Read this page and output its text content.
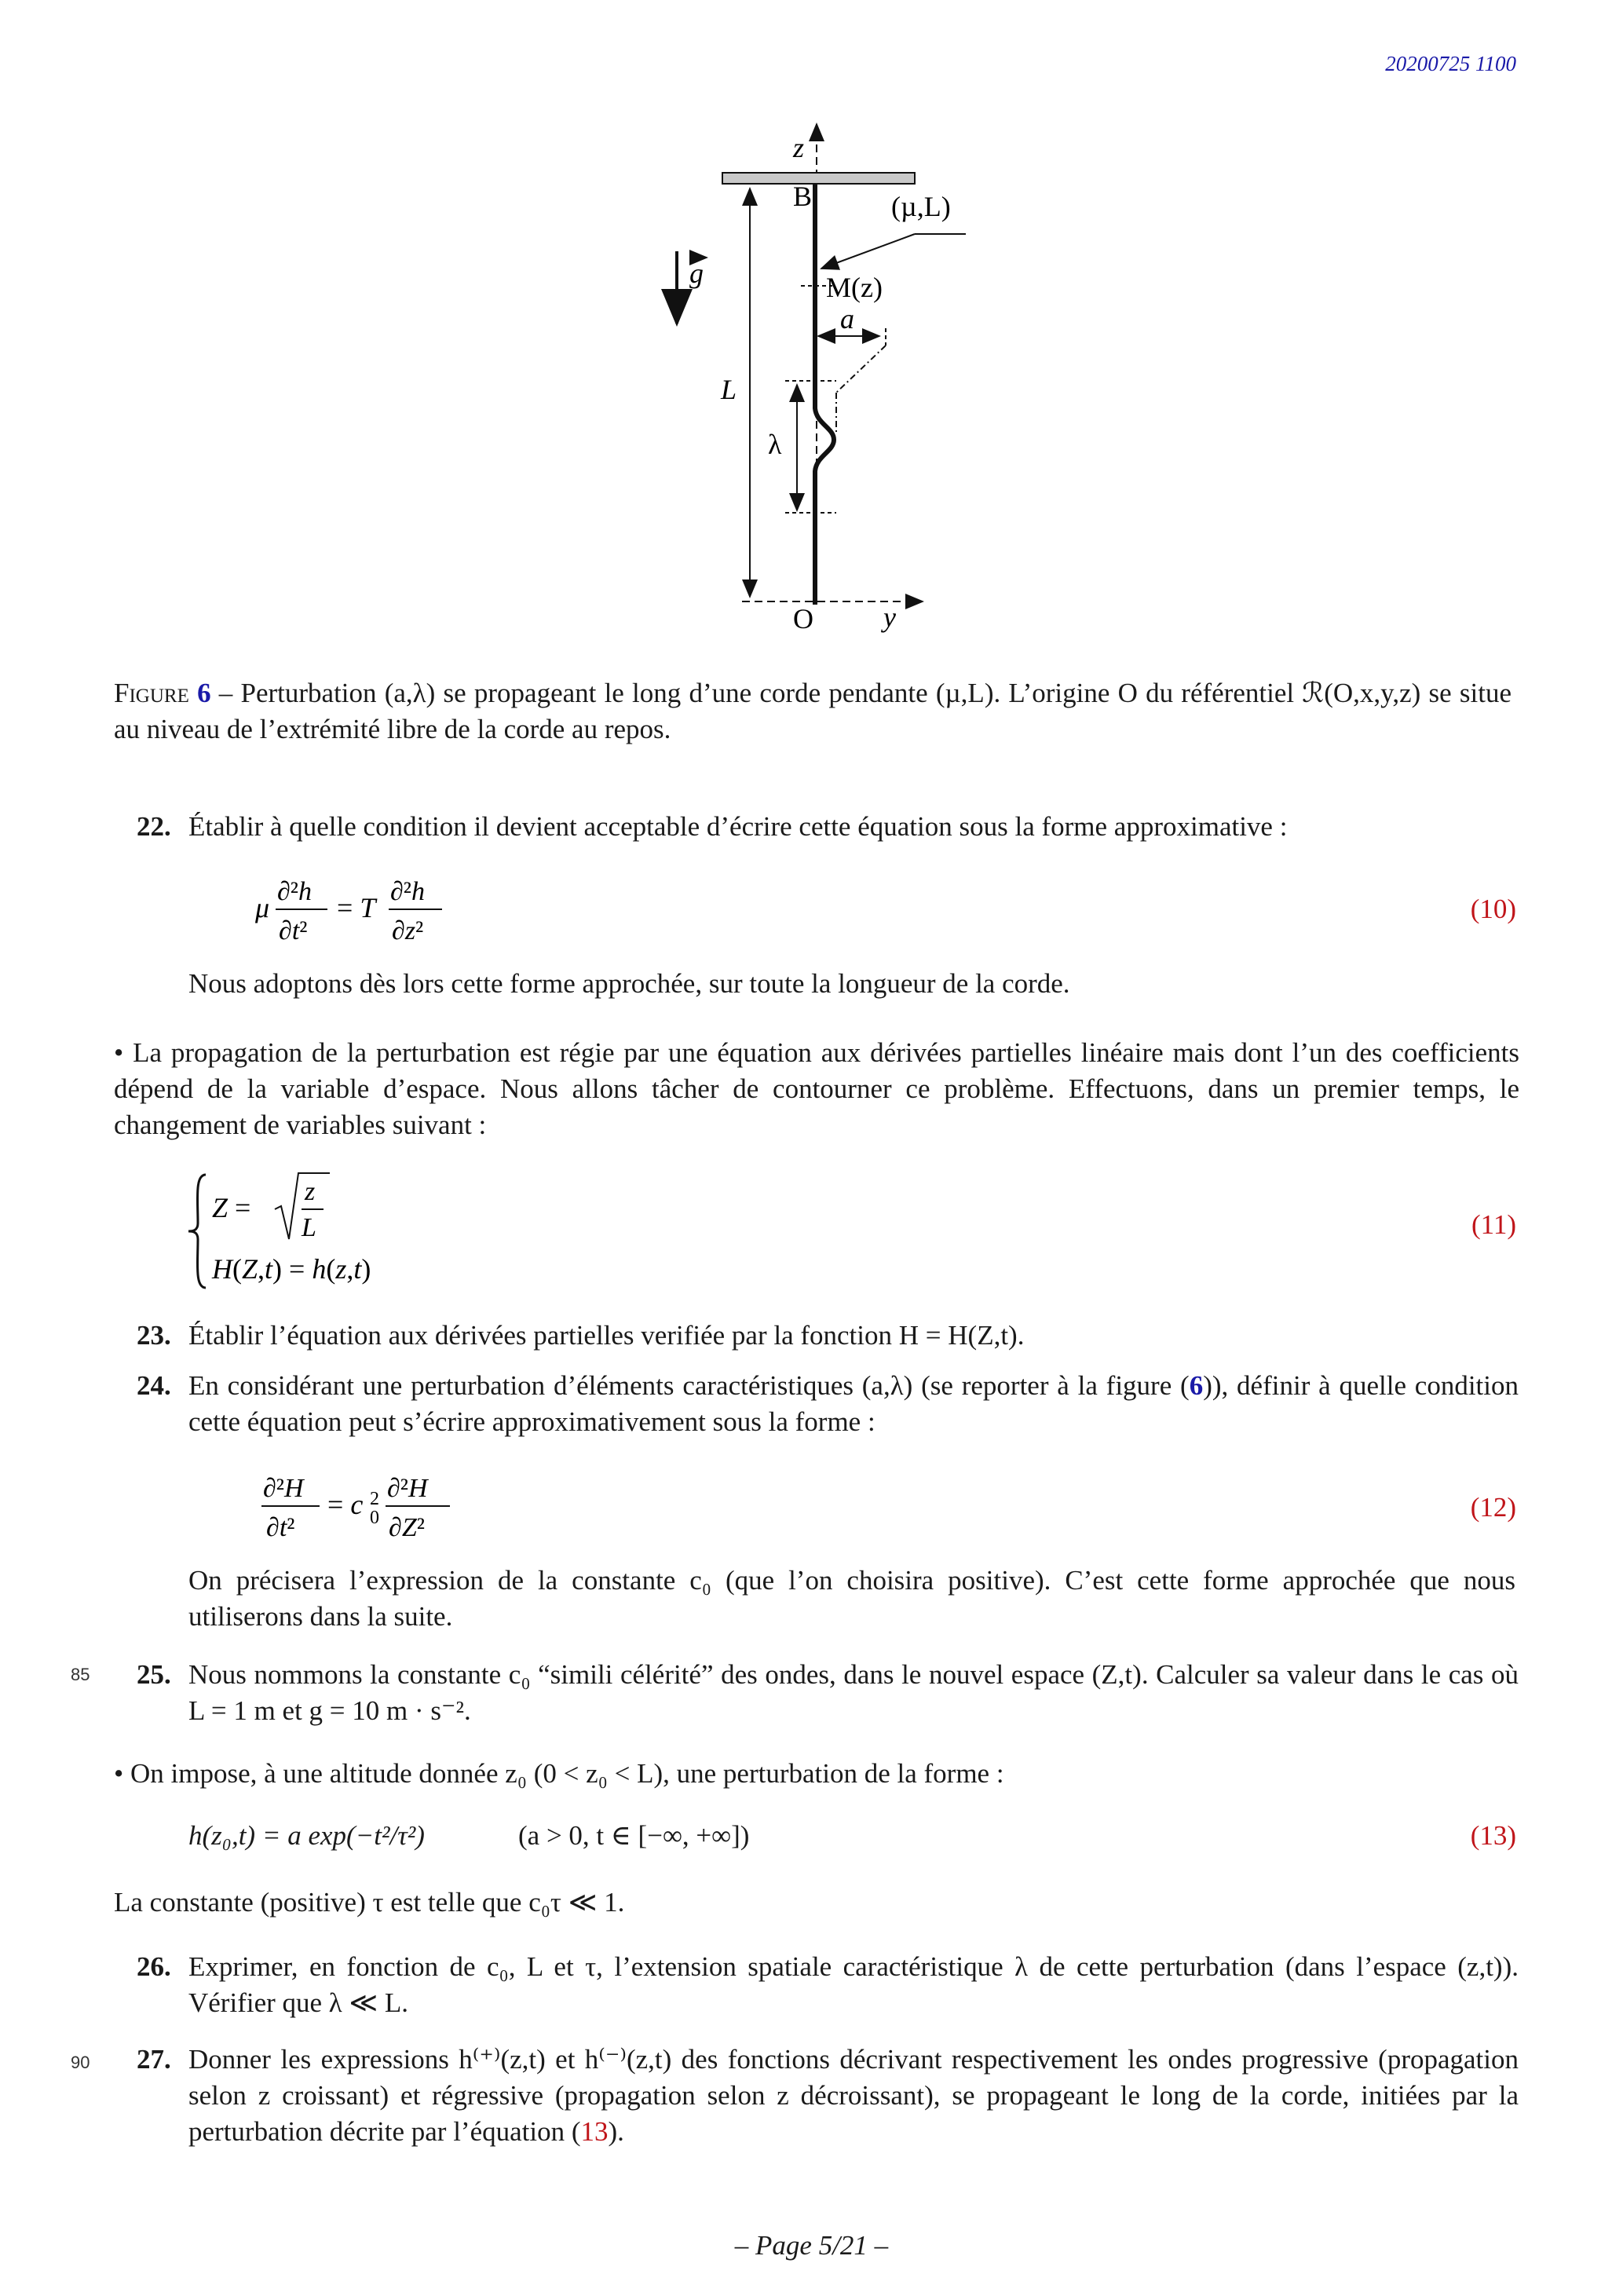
20200725 1100
z
B	(µ,L)
g	M(z)
a
L
λ
O y
Figure 6 – Perturbation (a,λ) se propageant le long d’une corde pendante (µ,L). L’origine O du référentiel ℛ(O,x,y,z) se situe au niveau de l’extrémité libre de la corde au repos.
22. Établir à quelle condition il devient acceptable d’écrire cette équation sous la forme approximative :
μ
∂²h
∂t²
= T
∂²h
∂z²
(10)
Nous adoptons dès lors cette forme approchée, sur toute la longueur de la corde.
• La propagation de la perturbation est régie par une équation aux dérivées partielles linéaire mais dont l’un des coefficients dépend de la variable d’espace. Nous allons tâcher de contourner ce problème. Effectuons, dans un premier temps, le changement de variables suivant :
Z =
z
L
H(Z,t) = h(z,t)
(11)
23. Établir l’équation aux dérivées partielles verifiée par la fonction H = H(Z,t).
24. En considérant une perturbation d’éléments caractéristiques (a,λ) (se reporter à la figure (6)), définir à quelle condition cette équation peut s’écrire approximativement sous la forme :
∂²H
∂t²
= c 2
0
∂²H
∂Z²
(12)
On précisera l’expression de la constante c₀ (que l’on choisira positive). C’est cette forme approchée que nous utiliserons dans la suite.
85 25. Nous nommons la constante c₀ “simili célérité” des ondes, dans le nouvel espace (Z,t). Calculer sa valeur dans le cas où L = 1 m et g = 10 m · s⁻².
• On impose, à une altitude donnée z₀ (0 < z₀ < L), une perturbation de la forme :
h(z₀,t) = a exp(−t²/τ²)	(a > 0, t ∈ [−∞, +∞])	(13)
La constante (positive) τ est telle que c₀τ ≪ 1.
26. Exprimer, en fonction de c₀, L et τ, l’extension spatiale caractéristique λ de cette perturbation (dans l’espace (z,t)). Vérifier que λ ≪ L.
90 27. Donner les expressions h⁽⁺⁾(z,t) et h⁽⁻⁾(z,t) des fonctions décrivant respectivement les ondes progressive (propagation selon z croissant) et régressive (propagation selon z décroissant), se propageant le long de la corde, initiées par la perturbation décrite par l’équation (13).
– Page 5/21 –
